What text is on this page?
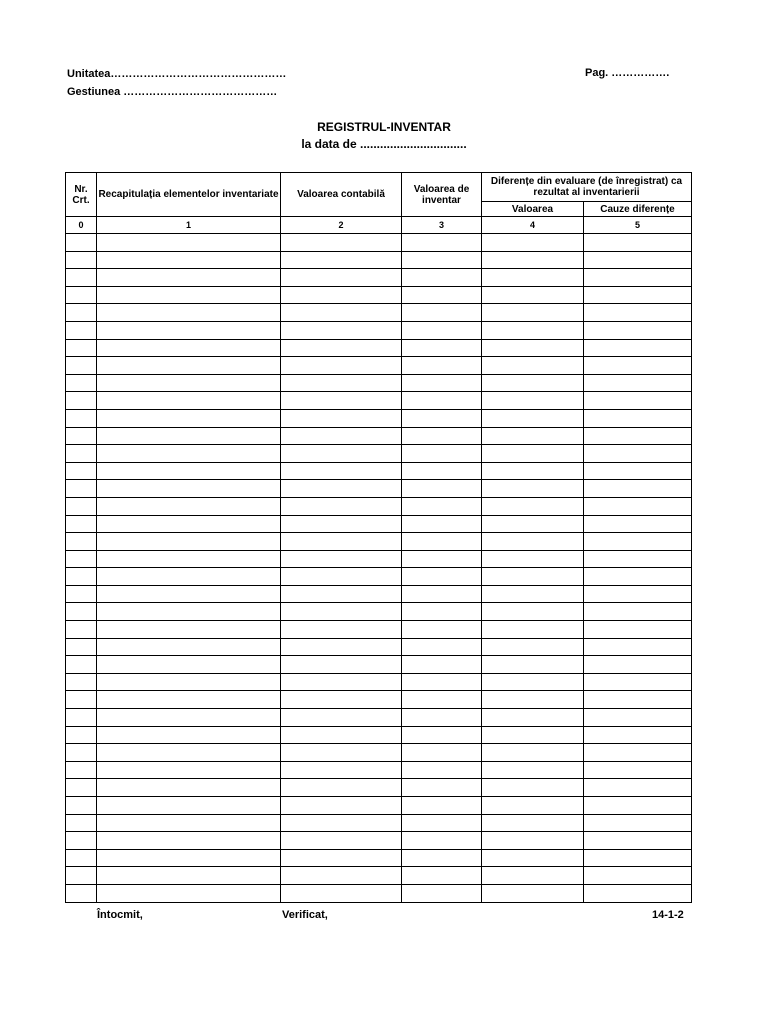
Unitatea…………………………………………
Gestiunea ……………………………………
Pag. …………….
REGISTRUL-INVENTAR
la data de ................................
Nr. Crt.	Recapitulația elementelor inventariate	Valoarea contabilă	Valoarea de inventar	Diferențe din evaluare (de înregistrat) ca rezultat al inventarierii	
				Valoarea	Cauze diferențe
0	1	2	3	4	5

Întocmit,	Verificat,	14-1-2
